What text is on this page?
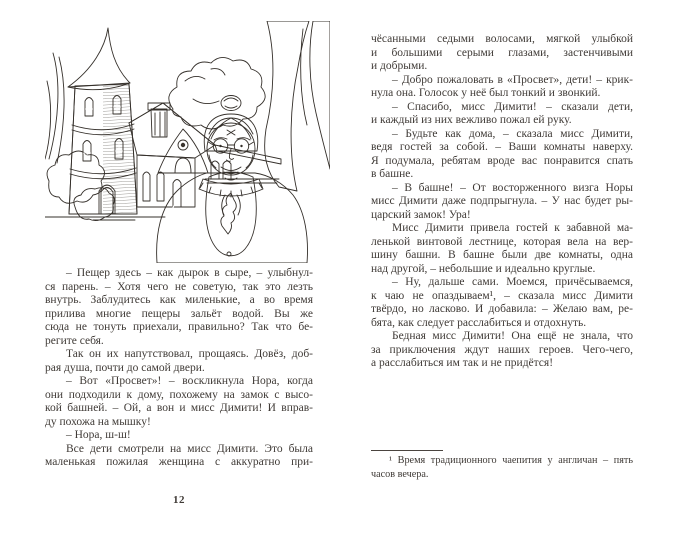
– Пещер здесь – как дырок в сыре, – улыбнул-
ся парень. – Хотя чего не советую, так это лезть
внутрь. Заблудитесь как миленькие, а во время
прилива многие пещеры зальёт водой. Вы же
сюда не тонуть приехали, правильно? Так что бе-
регите себя.
Так он их напутствовал, прощаясь. Довёз, доб-
рая душа, почти до самой двери.
– Вот «Просвет»! – воскликнула Нора, когда
они подходили к дому, похожему на замок с высо-
кой башней. – Ой, а вон и мисс Димити! И вправ-
ду похожа на мышку!
– Нора, ш-ш!
Все дети смотрели на мисс Димити. Это была
маленькая пожилая женщина с аккуратно при-
12
чёсанными седыми волосами, мягкой улыбкой
и большими серыми глазами, застенчивыми
и добрыми.
– Добро пожаловать в «Просвет», дети! – крик-
нула она. Голосок у неё был тонкий и звонкий.
– Спасибо, мисс Димити! – сказали дети,
и каждый из них вежливо пожал ей руку.
– Будьте как дома, – сказала мисс Димити,
ведя гостей за собой. – Ваши комнаты наверху.
Я подумала, ребятам вроде вас понравится спать
в башне.
– В башне! – От восторженного визга Норы
мисс Димити даже подпрыгнула. – У нас будет ры-
царский замок! Ура!
Мисс Димити привела гостей к забавной ма-
ленькой винтовой лестнице, которая вела на вер-
шину башни. В башне были две комнаты, одна
над другой, – небольшие и идеально круглые.
– Ну, дальше сами. Моемся, причёсываемся,
к чаю не опаздываем¹, – сказала мисс Димити
твёрдо, но ласково. И добавила: – Желаю вам, ре-
бята, как следует расслабиться и отдохнуть.
Бедная мисс Димити! Она ещё не знала, что
за приключения ждут наших героев. Чего-чего,
а расслабиться им так и не придётся!
¹ Время традиционного чаепития у англичан – пять
часов вечера.
